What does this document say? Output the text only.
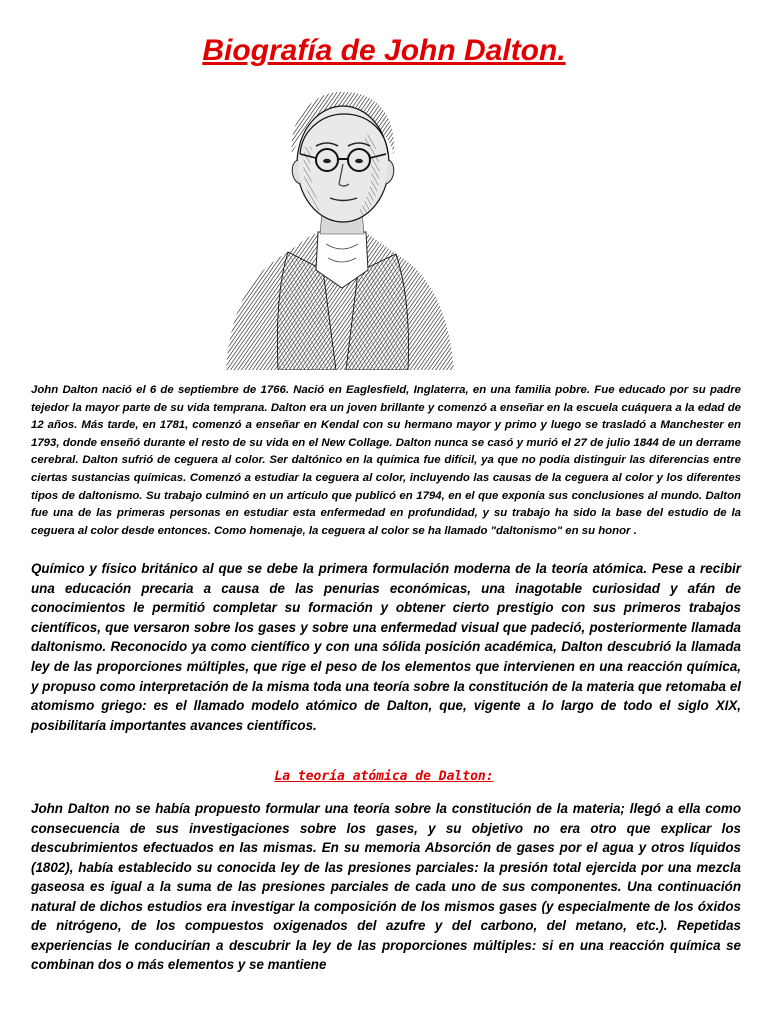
Biografía de John Dalton.

John Dalton nació el 6 de septiembre de 1766. Nació en Eaglesfield, Inglaterra, en una familia pobre. Fue educado por su padre tejedor la mayor parte de su vida temprana. Dalton era un joven brillante y comenzó a enseñar en la escuela cuáquera a la edad de 12 años. Más tarde, en 1781, comenzó a enseñar en Kendal con su hermano mayor y primo y luego se trasladó a Manchester en 1793, donde enseñó durante el resto de su vida en el New Collage. Dalton nunca se casó y murió el 27 de julio 1844 de un derrame cerebral. Dalton sufrió de ceguera al color. Ser daltónico en la química fue difícil, ya que no podía distinguir las diferencias entre ciertas sustancias químicas. Comenzó a estudiar la ceguera al color, incluyendo las causas de la ceguera al color y los diferentes tipos de daltonismo. Su trabajo culminó en un artículo que publicó en 1794, en el que exponía sus conclusiones al mundo. Dalton fue una de las primeras personas en estudiar esta enfermedad en profundidad, y su trabajo ha sido la base del estudio de la ceguera al color desde entonces. Como homenaje, la ceguera al color se ha llamado "daltonismo" en su honor .

Químico y físico británico al que se debe la primera formulación moderna de la teoría atómica. Pese a recibir una educación precaria a causa de las penurias económicas, una inagotable curiosidad y afán de conocimientos le permitió completar su formación y obtener cierto prestigio con sus primeros trabajos científicos, que versaron sobre los gases y sobre una enfermedad visual que padeció, posteriormente llamada daltonismo. Reconocido ya como científico y con una sólida posición académica, Dalton descubrió la llamada ley de las proporciones múltiples, que rige el peso de los elementos que intervienen en una reacción química, y propuso como interpretación de la misma toda una teoría sobre la constitución de la materia que retomaba el atomismo griego: es el llamado modelo atómico de Dalton, que, vigente a lo largo de todo el siglo XIX, posibilitaría importantes avances científicos.

La teoría atómica de Dalton:

John Dalton no se había propuesto formular una teoría sobre la constitución de la materia; llegó a ella como consecuencia de sus investigaciones sobre los gases, y su objetivo no era otro que explicar los descubrimientos efectuados en las mismas. En su memoria Absorción de gases por el agua y otros líquidos (1802), había establecido su conocida ley de las presiones parciales: la presión total ejercida por una mezcla gaseosa es igual a la suma de las presiones parciales de cada uno de sus componentes. Una continuación natural de dichos estudios era investigar la composición de los mismos gases (y especialmente de los óxidos de nitrógeno, de los compuestos oxigenados del azufre y del carbono, del metano, etc.). Repetidas experiencias le conducirían a descubrir la ley de las proporciones múltiples: si en una reacción química se combinan dos o más elementos y se mantiene
